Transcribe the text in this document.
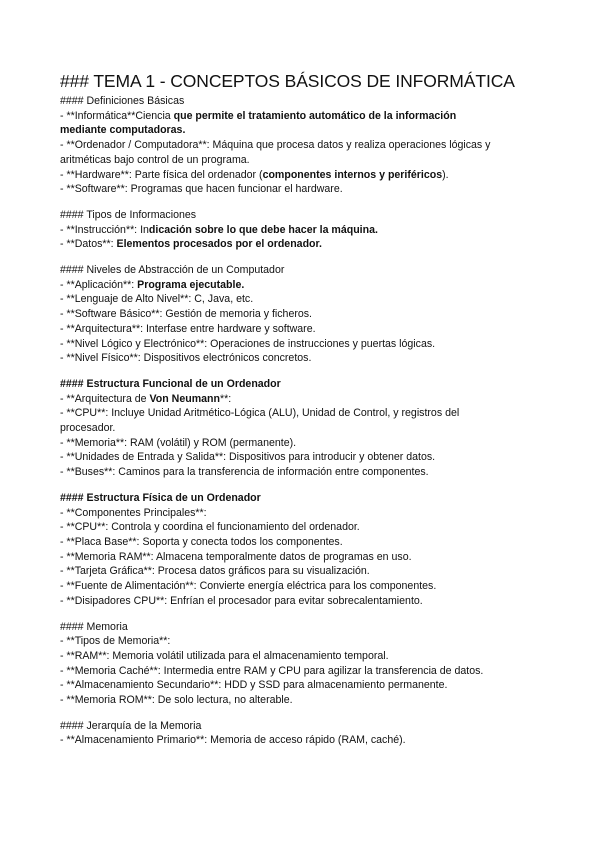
### TEMA 1 - CONCEPTOS BÁSICOS DE INFORMÁTICA
#### Definiciones Básicas
- **Informática**Ciencia que permite el tratamiento automático de la información
mediante computadoras.
- **Ordenador / Computadora**: Máquina que procesa datos y realiza operaciones lógicas y
aritméticas bajo control de un programa.
- **Hardware**: Parte física del ordenador (componentes internos y periféricos).
- **Software**: Programas que hacen funcionar el hardware.
#### Tipos de Informaciones
- **Instrucción**: Indicación sobre lo que debe hacer la máquina.
- **Datos**: Elementos procesados por el ordenador.
#### Niveles de Abstracción de un Computador
- **Aplicación**: Programa ejecutable.
- **Lenguaje de Alto Nivel**: C, Java, etc.
- **Software Básico**: Gestión de memoria y ficheros.
- **Arquitectura**: Interfase entre hardware y software.
- **Nivel Lógico y Electrónico**: Operaciones de instrucciones y puertas lógicas.
- **Nivel Físico**: Dispositivos electrónicos concretos.
#### Estructura Funcional de un Ordenador
- **Arquitectura de Von Neumann**:
- **CPU**: Incluye Unidad Aritmético-Lógica (ALU), Unidad de Control, y registros del
procesador.
- **Memoria**: RAM (volátil) y ROM (permanente).
- **Unidades de Entrada y Salida**: Dispositivos para introducir y obtener datos.
- **Buses**: Caminos para la transferencia de información entre componentes.
#### Estructura Física de un Ordenador
- **Componentes Principales**:
- **CPU**: Controla y coordina el funcionamiento del ordenador.
- **Placa Base**: Soporta y conecta todos los componentes.
- **Memoria RAM**: Almacena temporalmente datos de programas en uso.
- **Tarjeta Gráfica**: Procesa datos gráficos para su visualización.
- **Fuente de Alimentación**: Convierte energía eléctrica para los componentes.
- **Disipadores CPU**: Enfrían el procesador para evitar sobrecalentamiento.
#### Memoria
- **Tipos de Memoria**:
- **RAM**: Memoria volátil utilizada para el almacenamiento temporal.
- **Memoria Caché**: Intermedia entre RAM y CPU para agilizar la transferencia de datos.
- **Almacenamiento Secundario**: HDD y SSD para almacenamiento permanente.
- **Memoria ROM**: De solo lectura, no alterable.
#### Jerarquía de la Memoria
- **Almacenamiento Primario**: Memoria de acceso rápido (RAM, caché).
